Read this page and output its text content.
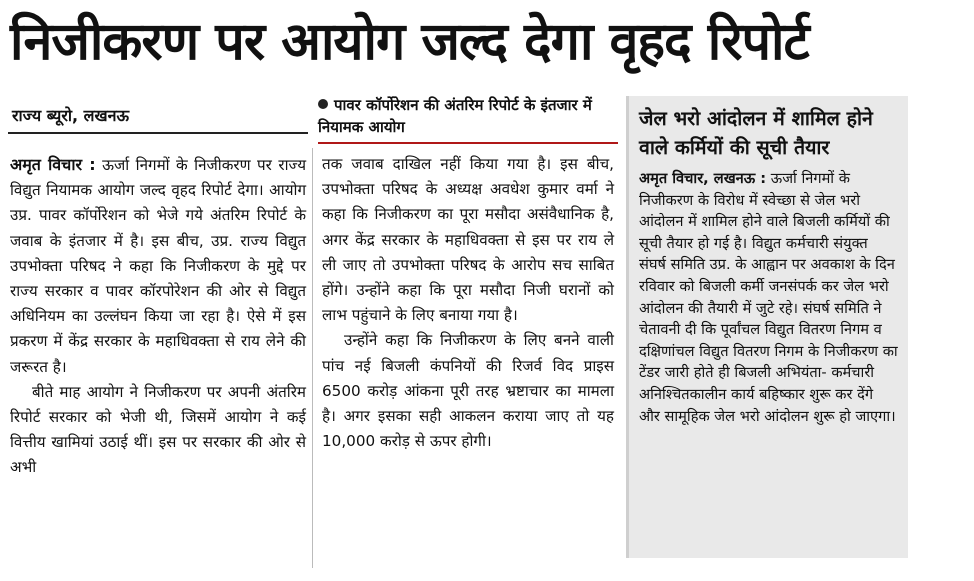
निजीकरण पर आयोग जल्द देगा वृहद रिपोर्ट
राज्य ब्यूरो, लखनऊ
पावर कॉर्पोरेशन की अंतरिम रिपोर्ट के इंतजार में नियामक आयोग

अमृत विचार : ऊर्जा निगमों के निजीकरण पर राज्य विद्युत नियामक आयोग जल्द वृहद रिपोर्ट देगा। आयोग उप्र. पावर कॉर्पोरेशन को भेजे गये अंतरिम रिपोर्ट के जवाब के इंतजार में है। इस बीच, उप्र. राज्य विद्युत उपभोक्ता परिषद ने कहा कि निजीकरण के मुद्दे पर राज्य सरकार व पावर कॉरपोरेशन की ओर से विद्युत अधिनियम का उल्लंघन किया जा रहा है। ऐसे में इस प्रकरण में केंद्र सरकार के महाधिवक्ता से राय लेने की जरूरत है।

बीते माह आयोग ने निजीकरण पर अपनी अंतरिम रिपोर्ट सरकार को भेजी थी, जिसमें आयोग ने कई वित्तीय खामियां उठाई थीं। इस पर सरकार की ओर से अभी

तक जवाब दाखिल नहीं किया गया है। इस बीच, उपभोक्ता परिषद के अध्यक्ष अवधेश कुमार वर्मा ने कहा कि निजीकरण का पूरा मसौदा असंवैधानिक है, अगर केंद्र सरकार के महाधिवक्ता से इस पर राय ले ली जाए तो उपभोक्ता परिषद के आरोप सच साबित होंगे। उन्होंने कहा कि पूरा मसौदा निजी घरानों को लाभ पहुंचाने के लिए बनाया गया है।

उन्होंने कहा कि निजीकरण के लिए बनने वाली पांच नई बिजली कंपनियों की रिजर्व विद प्राइस 6500 करोड़ आंकना पूरी तरह भ्रष्टाचार का मामला है। अगर इसका सही आकलन कराया जाए तो यह 10,000 करोड़ से ऊपर होगी।

जेल भरो आंदोलन में शामिल होने वाले कर्मियों की सूची तैयार
अमृत विचार, लखनऊ : ऊर्जा निगमों के निजीकरण के विरोध में स्वेच्छा से जेल भरो आंदोलन में शामिल होने वाले बिजली कर्मियों की सूची तैयार हो गई है। विद्युत कर्मचारी संयुक्त संघर्ष समिति उप्र. के आह्वान पर अवकाश के दिन रविवार को बिजली कर्मी जनसंपर्क कर जेल भरो आंदोलन की तैयारी में जुटे रहे। संघर्ष समिति ने चेतावनी दी कि पूर्वांचल विद्युत वितरण निगम व दक्षिणांचल विद्युत वितरण निगम के निजीकरण का टेंडर जारी होते ही बिजली अभियंता- कर्मचारी अनिश्चितकालीन कार्य बहिष्कार शुरू कर देंगे और सामूहिक जेल भरो आंदोलन शुरू हो जाएगा।
